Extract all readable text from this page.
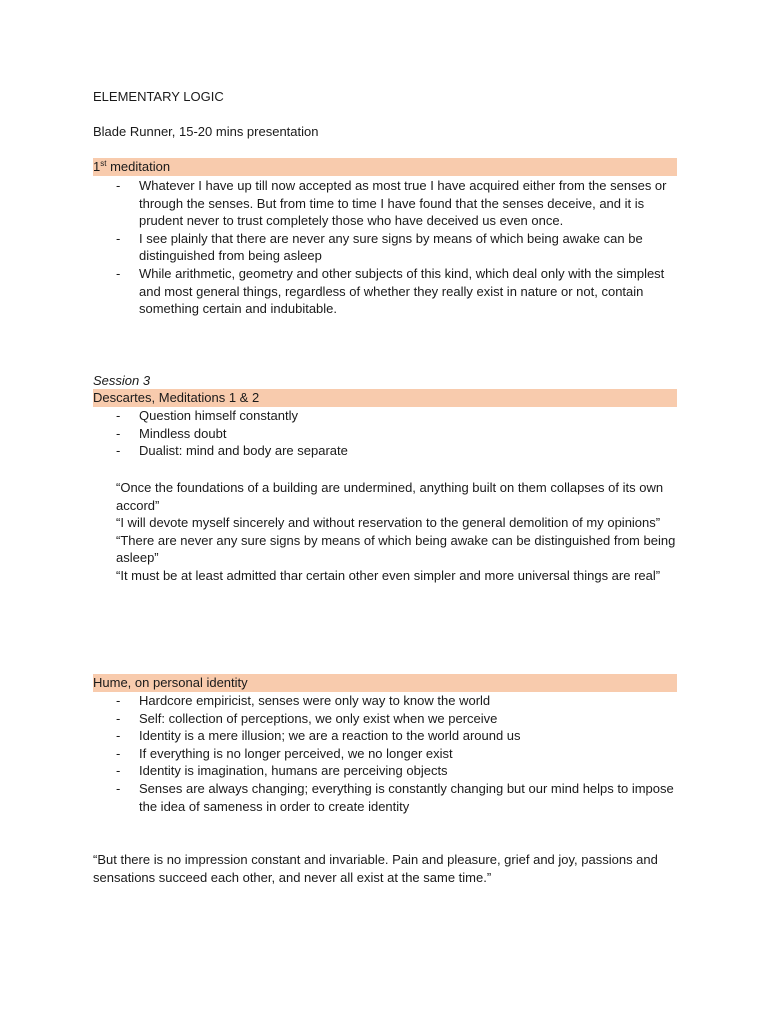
ELEMENTARY LOGIC
Blade Runner, 15-20 mins presentation
1st meditation
- Whatever I have up till now accepted as most true I have acquired either from the senses or through the senses. But from time to time I have found that the senses deceive, and it is prudent never to trust completely those who have deceived us even once.
- I see plainly that there are never any sure signs by means of which being awake can be distinguished from being asleep
- While arithmetic, geometry and other subjects of this kind, which deal only with the simplest and most general things, regardless of whether they really exist in nature or not, contain something certain and indubitable.
Session 3
Descartes, Meditations 1 & 2
- Question himself constantly
- Mindless doubt
- Dualist: mind and body are separate

“Once the foundations of a building are undermined, anything built on them collapses of its own accord”

“I will devote myself sincerely and without reservation to the general demolition of my opinions”

“There are never any sure signs by means of which being awake can be distinguished from being asleep”

“It must be at least admitted thar certain other even simpler and more universal things are real”

Hume, on personal identity
- Hardcore empiricist, senses were only way to know the world
- Self: collection of perceptions, we only exist when we perceive
- Identity is a mere illusion; we are a reaction to the world around us
- If everything is no longer perceived, we no longer exist
- Identity is imagination, humans are perceiving objects
- Senses are always changing; everything is constantly changing but our mind helps to impose the idea of sameness in order to create identity
“But there is no impression constant and invariable. Pain and pleasure, grief and joy, passions and sensations succeed each other, and never all exist at the same time.”
